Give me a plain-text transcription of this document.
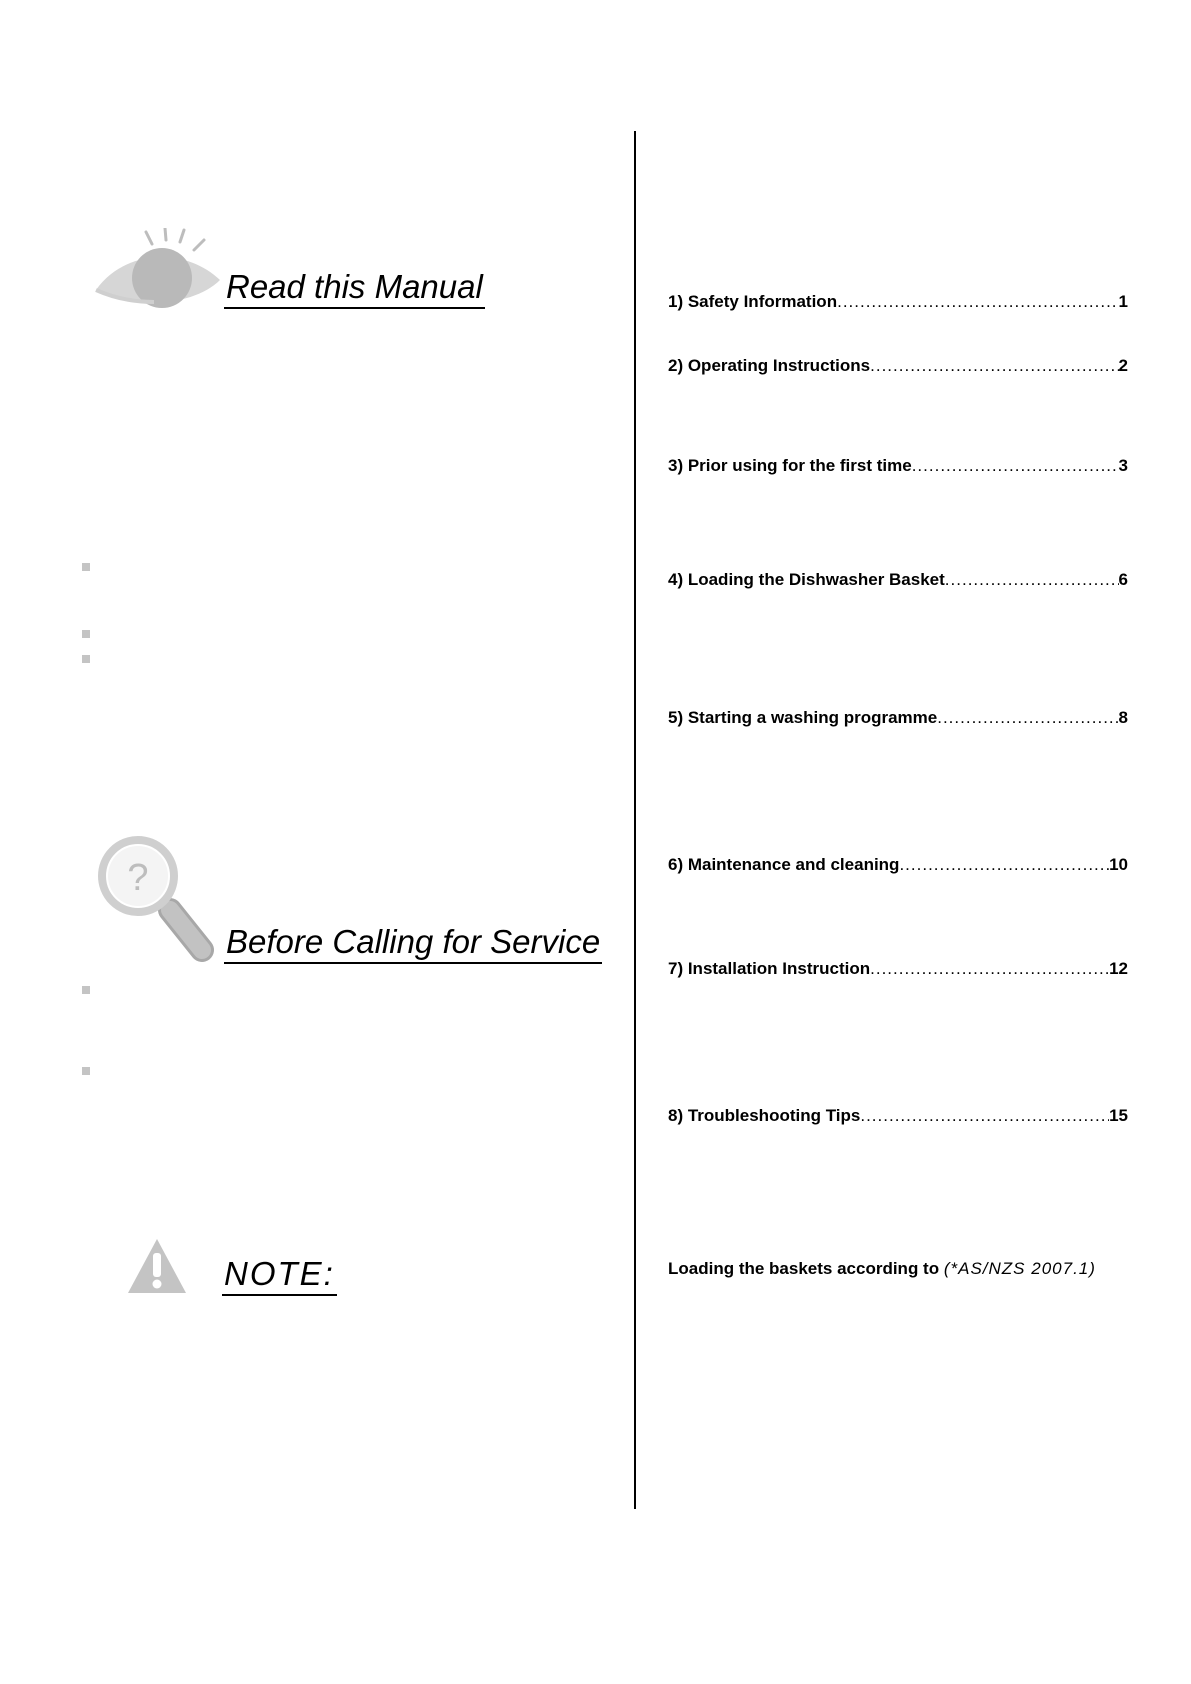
Read this Manual
?
Before Calling for Service
NOTE:
1) Safety Information .....	1
2) Operating Instructions .....	2
3) Prior using for the first time .....	3
4) Loading the Dishwasher Basket .....	6
5) Starting a washing programme .....	8
6) Maintenance and cleaning .....	10
7) Installation Instruction .....	12
8) Troubleshooting Tips .....	15
Loading the baskets according to (*AS/NZS 2007.1)
